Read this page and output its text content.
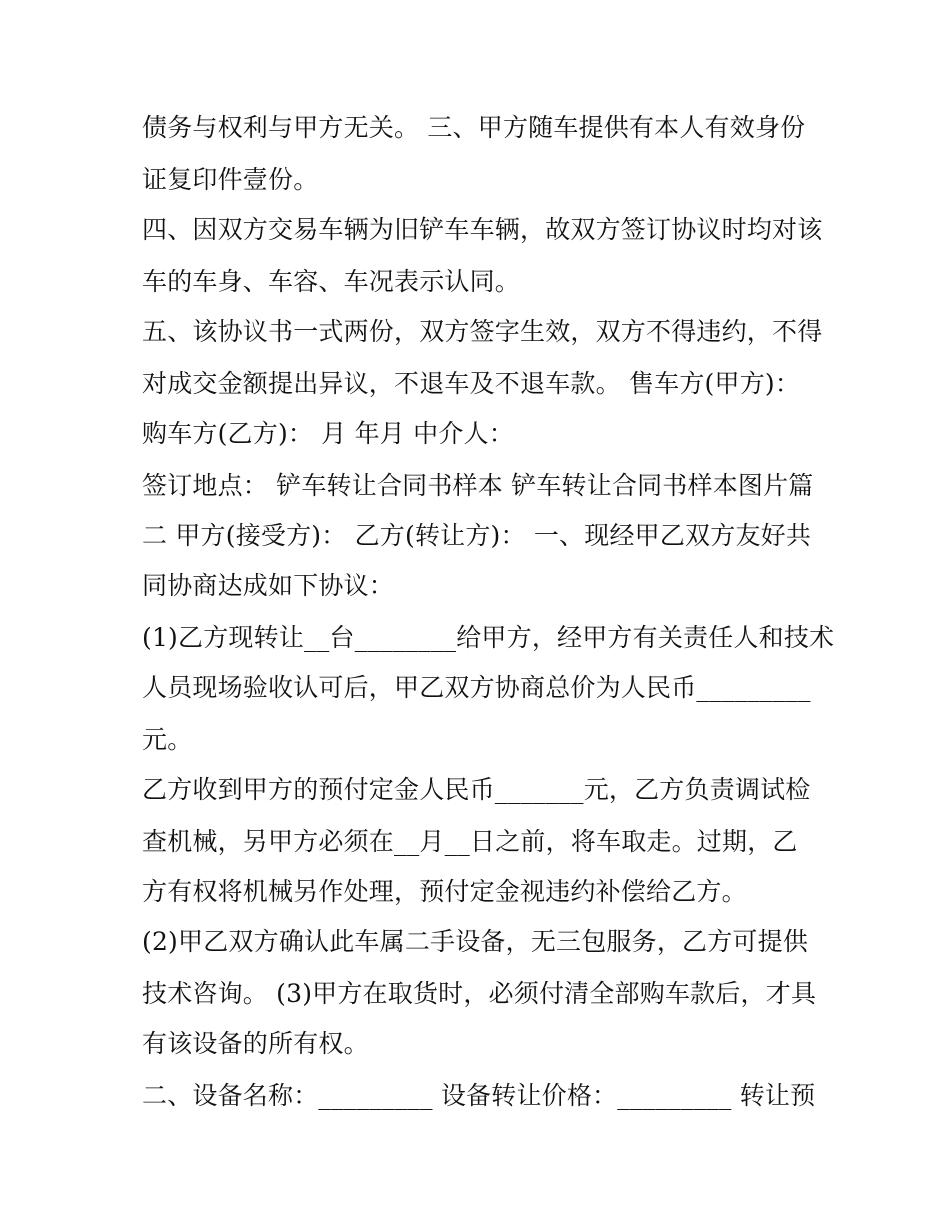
债务与权利与甲方无关。 三、甲方随车提供有本人有效身份
证复印件壹份。
四、因双方交易车辆为旧铲车车辆，故双方签订协议时均对该
车的车身、车容、车况表示认同。
五、该协议书一式两份，双方签字生效，双方不得违约，不得
对成交金额提出异议，不退车及不退车款。 售车方(甲方)：
购车方(乙方)： 月 年月 中介人：
签订地点： 铲车转让合同书样本 铲车转让合同书样本图片篇
二 甲方(接受方)： 乙方(转让方)： 一、现经甲乙双方友好共
同协商达成如下协议：
(1)乙方现转让__台________给甲方，经甲方有关责任人和技术
人员现场验收认可后，甲乙双方协商总价为人民币_________
元。
乙方收到甲方的预付定金人民币_______元，乙方负责调试检
查机械，另甲方必须在__月__日之前，将车取走。过期，乙
方有权将机械另作处理，预付定金视违约补偿给乙方。
(2)甲乙双方确认此车属二手设备，无三包服务，乙方可提供
技术咨询。 (3)甲方在取货时，必须付清全部购车款后，才具
有该设备的所有权。
二、设备名称：_________ 设备转让价格：_________ 转让预
